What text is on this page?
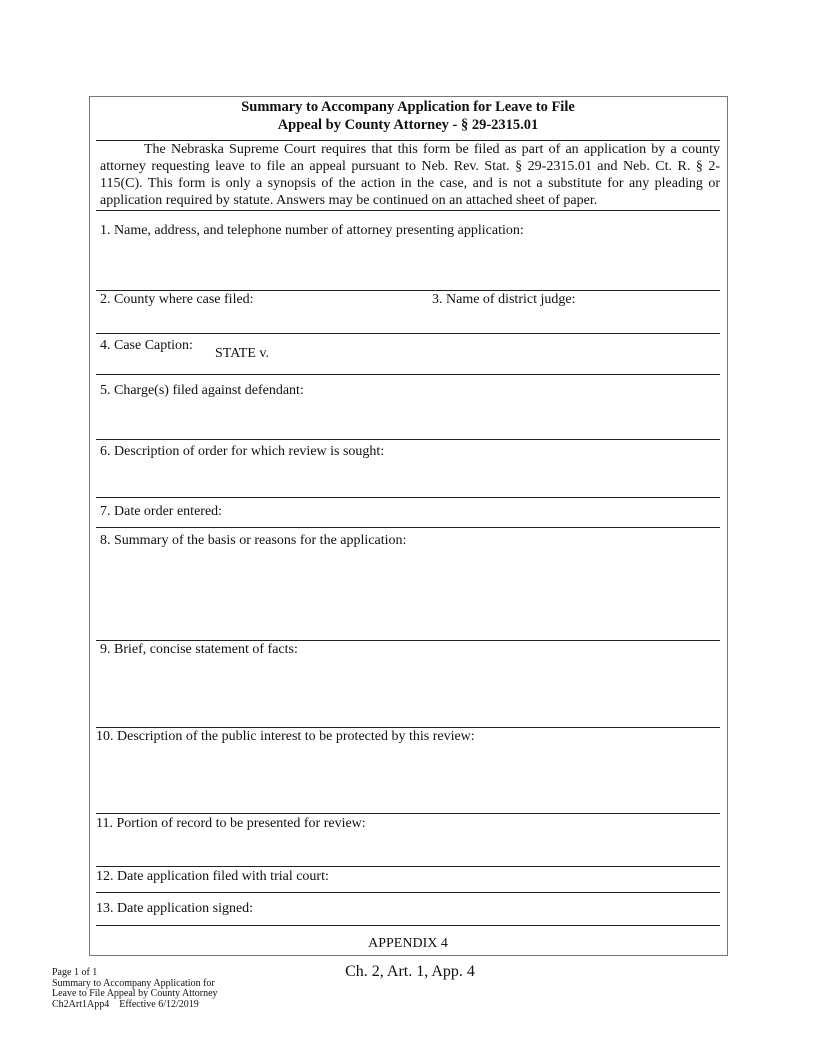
Summary to Accompany Application for Leave to File
Appeal by County Attorney - § 29-2315.01

The Nebraska Supreme Court requires that this form be filed as part of an application by a county attorney requesting leave to file an appeal pursuant to Neb. Rev. Stat. § 29-2315.01 and Neb. Ct. R. § 2-115(C). This form is only a synopsis of the action in the case, and is not a substitute for any pleading or application required by statute. Answers may be continued on an attached sheet of paper.

1. Name, address, and telephone number of attorney presenting application:
2. County where case filed:	3. Name of district judge:
4. Case Caption:
STATE v.
5. Charge(s) filed against defendant:
6. Description of order for which review is sought:
7. Date order entered:
8. Summary of the basis or reasons for the application:
9. Brief, concise statement of facts:
10. Description of the public interest to be protected by this review:
11. Portion of record to be presented for review:
12. Date application filed with trial court:
13. Date application signed:
APPENDIX 4
Ch. 2, Art. 1, App. 4
Page 1 of 1
Summary to Accompany Application for
Leave to File Appeal by County Attorney
Ch2Art1App4 Effective 6/12/2019
